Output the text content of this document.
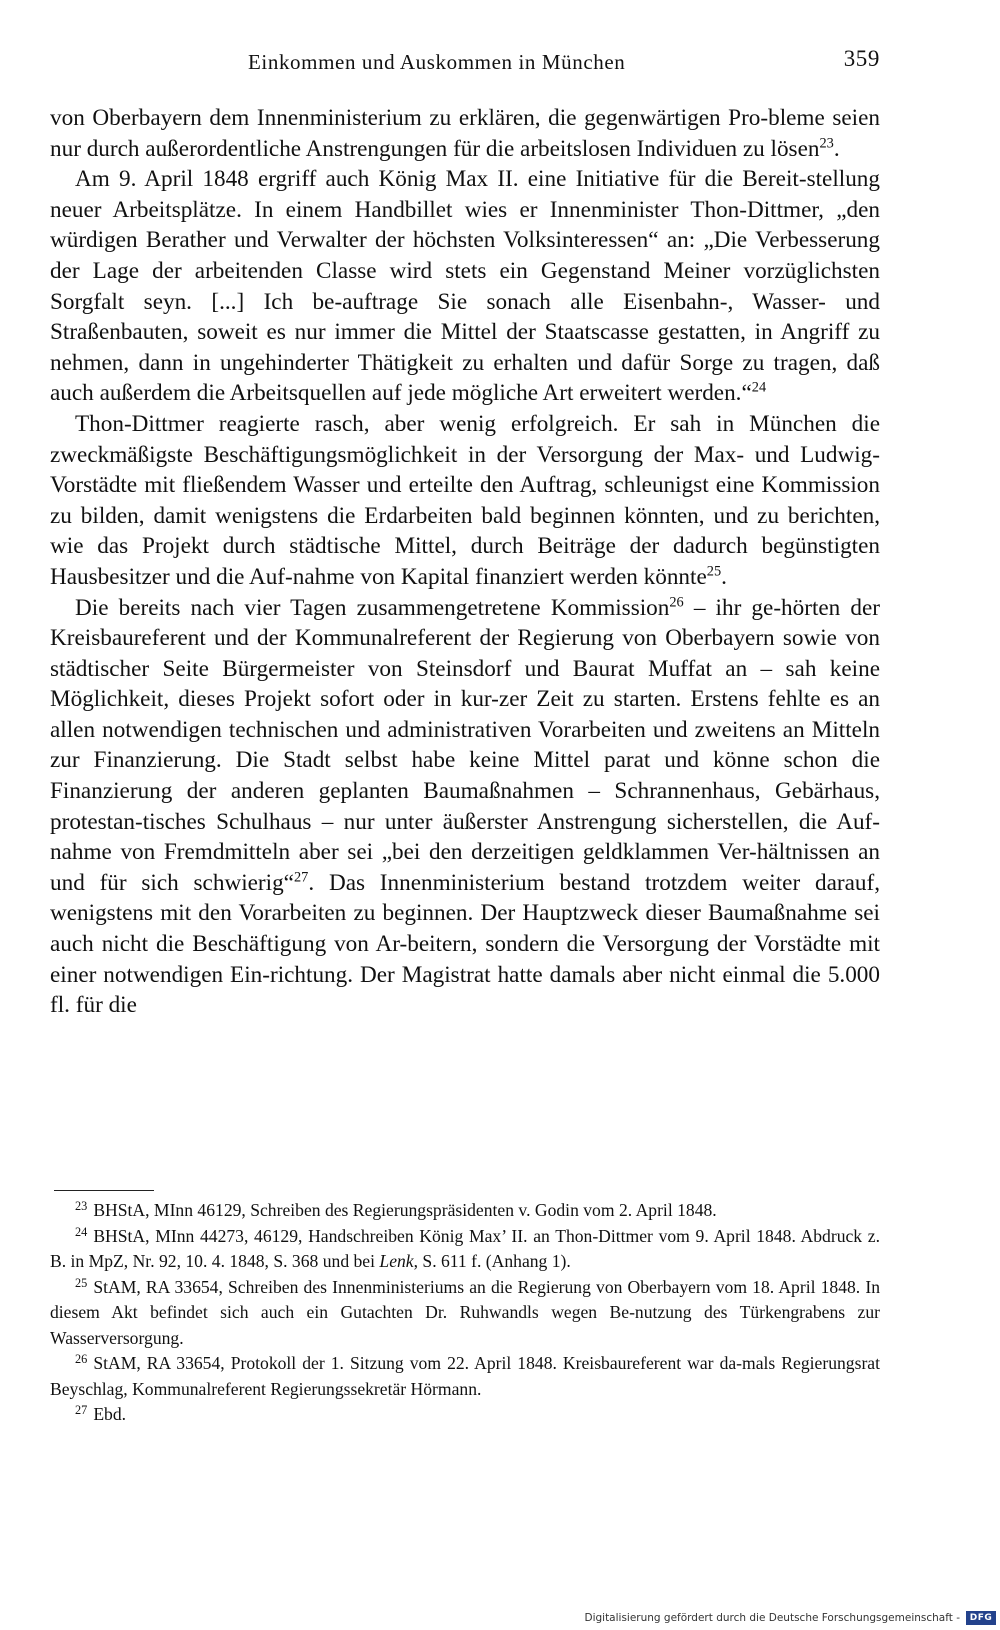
Einkommen und Auskommen in München	359

von Oberbayern dem Innenministerium zu erklären, die gegenwärtigen Pro-bleme seien nur durch außerordentliche Anstrengungen für die arbeitslosen Individuen zu lösen$^{23}$.

Am 9. April 1848 ergriff auch König Max II. eine Initiative für die Bereit-stellung neuer Arbeitsplätze. In einem Handbillet wies er Innenminister Thon-Dittmer, „den würdigen Berather und Verwalter der höchsten Volksinteressen“ an: „Die Verbesserung der Lage der arbeitenden Classe wird stets ein Gegenstand Meiner vorzüglichsten Sorgfalt seyn. [...] Ich be-auftrage Sie sonach alle Eisenbahn-, Wasser- und Straßenbauten, soweit es nur immer die Mittel der Staatscasse gestatten, in Angriff zu nehmen, dann in ungehinderter Thätigkeit zu erhalten und dafür Sorge zu tragen, daß auch außerdem die Arbeitsquellen auf jede mögliche Art erweitert werden.“$^{24}$

Thon-Dittmer reagierte rasch, aber wenig erfolgreich. Er sah in München die zweckmäßigste Beschäftigungsmöglichkeit in der Versorgung der Max- und Ludwig-Vorstädte mit fließendem Wasser und erteilte den Auftrag, schleunigst eine Kommission zu bilden, damit wenigstens die Erdarbeiten bald beginnen könnten, und zu berichten, wie das Projekt durch städtische Mittel, durch Beiträge der dadurch begünstigten Hausbesitzer und die Auf-nahme von Kapital finanziert werden könnte$^{25}$.

Die bereits nach vier Tagen zusammengetretene Kommission$^{26}$ – ihr ge-hörten der Kreisbaureferent und der Kommunalreferent der Regierung von Oberbayern sowie von städtischer Seite Bürgermeister von Steinsdorf und Baurat Muffat an – sah keine Möglichkeit, dieses Projekt sofort oder in kur-zer Zeit zu starten. Erstens fehlte es an allen notwendigen technischen und administrativen Vorarbeiten und zweitens an Mitteln zur Finanzierung. Die Stadt selbst habe keine Mittel parat und könne schon die Finanzierung der anderen geplanten Baumaßnahmen – Schrannenhaus, Gebärhaus, protestan-tisches Schulhaus – nur unter äußerster Anstrengung sicherstellen, die Auf-nahme von Fremdmitteln aber sei „bei den derzeitigen geldklammen Ver-hältnissen an und für sich schwierig“$^{27}$. Das Innenministerium bestand trotzdem weiter darauf, wenigstens mit den Vorarbeiten zu beginnen. Der Hauptzweck dieser Baumaßnahme sei auch nicht die Beschäftigung von Ar-beitern, sondern die Versorgung der Vorstädte mit einer notwendigen Ein-richtung. Der Magistrat hatte damals aber nicht einmal die 5.000 fl. für die

$^{23}$ BHStA, MInn 46129, Schreiben des Regierungspräsidenten v. Godin vom 2. April 1848.

$^{24}$ BHStA, MInn 44273, 46129, Handschreiben König Max’ II. an Thon-Dittmer vom 9. April 1848. Abdruck z. B. in MpZ, Nr. 92, 10. 4. 1848, S. 368 und bei Lenk, S. 611 f. (Anhang 1).

$^{25}$ StAM, RA 33654, Schreiben des Innenministeriums an die Regierung von Oberbayern vom 18. April 1848. In diesem Akt befindet sich auch ein Gutachten Dr. Ruhwandls wegen Be-nutzung des Türkengrabens zur Wasserversorgung.

$^{26}$ StAM, RA 33654, Protokoll der 1. Sitzung vom 22. April 1848. Kreisbaureferent war da-mals Regierungsrat Beyschlag, Kommunalreferent Regierungssekretär Hörmann.

$^{27}$ Ebd.

Digitalisierung gefördert durch die Deutsche Forschungsgemeinschaft -	DFG
